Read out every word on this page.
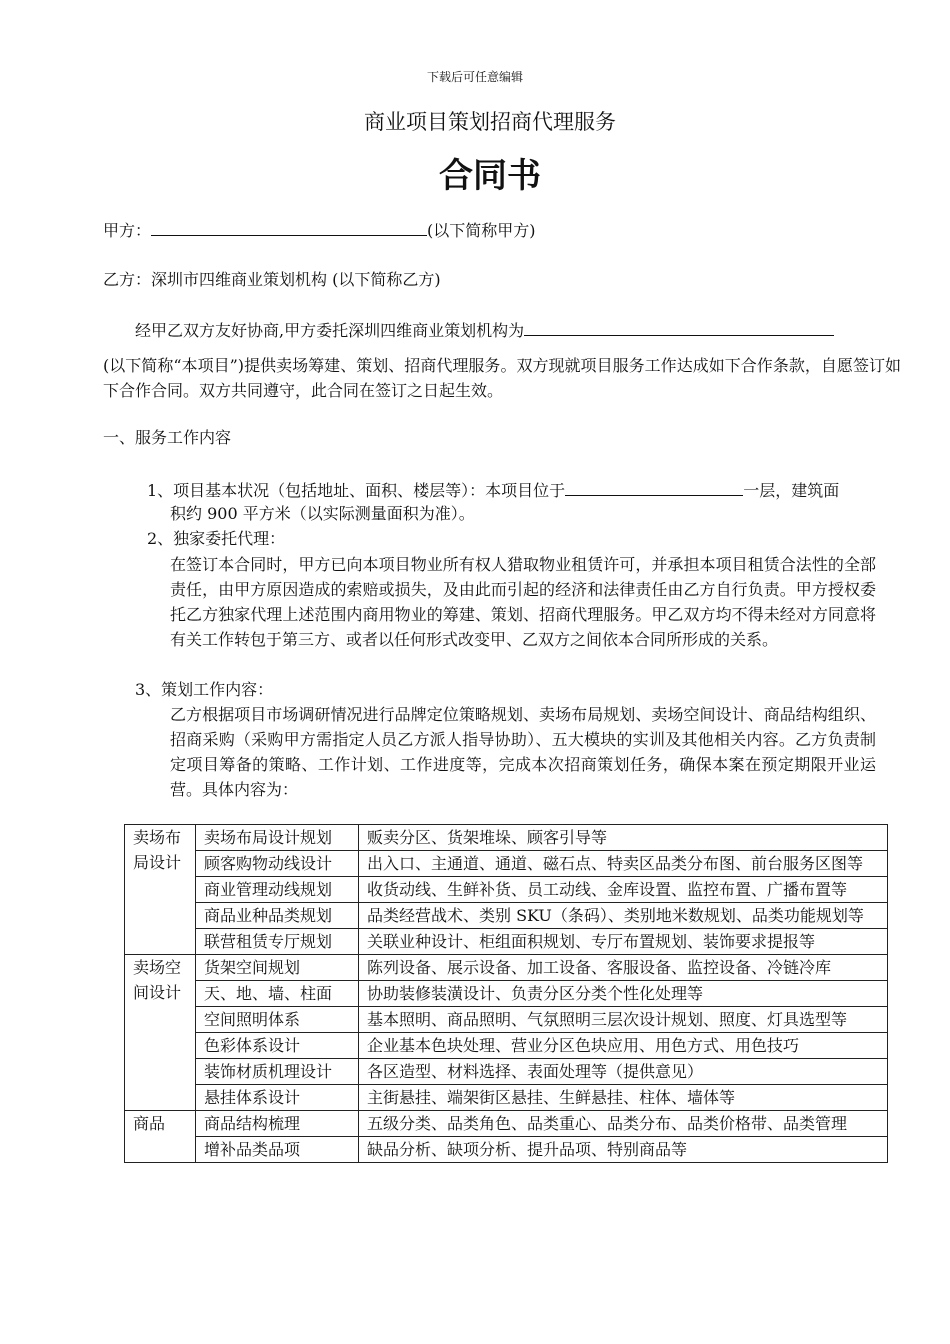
下载后可任意编辑
商业项目策划招商代理服务
合同书
甲方：	(以下简称甲方)
乙方：深圳市四维商业策划机构 (以下简称乙方)
经甲乙双方友好协商,甲方委托深圳四维商业策划机构为
(以下简称“本项目”)提供卖场筹建、策划、招商代理服务。双方现就项目服务工作达成如下合作条款，自愿签订如下合作合同。双方共同遵守，此合同在签订之日起生效。
一、服务工作内容
1、项目基本状况（包括地址、面积、楼层等）：本项目位于	一层，建筑面
积约 900 平方米（以实际测量面积为准）。
2、独家委托代理：
在签订本合同时，甲方已向本项目物业所有权人猎取物业租赁许可，并承担本项目租赁合法性的全部责任，由甲方原因造成的索赔或损失，及由此而引起的经济和法律责任由乙方自行负责。甲方授权委托乙方独家代理上述范围内商用物业的筹建、策划、招商代理服务。甲乙双方均不得未经对方同意将有关工作转包于第三方、或者以任何形式改变甲、乙双方之间依本合同所形成的关系。
3、策划工作内容：
乙方根据项目市场调研情况进行品牌定位策略规划、卖场布局规划、卖场空间设计、商品结构组织、招商采购（采购甲方需指定人员乙方派人指导协助）、五大模块的实训及其他相关内容。乙方负责制定项目筹备的策略、工作计划、工作进度等，完成本次招商策划任务，确保本案在预定期限开业运营。具体内容为：
卖场布局设计	卖场布局设计规划	贩卖分区、货架堆垛、顾客引导等
	顾客购物动线设计	出入口、主通道、通道、磁石点、特卖区品类分布图、前台服务区图等
	商业管理动线规划	收货动线、生鲜补货、员工动线、金库设置、监控布置、广播布置等
	商品业种品类规划	品类经营战术、类别 SKU（条码）、类别地米数规划、品类功能规划等
	联营租赁专厅规划	关联业种设计、柜组面积规划、专厅布置规划、装饰要求提报等
卖场空间设计	货架空间规划	陈列设备、展示设备、加工设备、客服设备、监控设备、冷链冷库
	天、地、墙、柱面	协助装修装潢设计、负责分区分类个性化处理等
	空间照明体系	基本照明、商品照明、气氛照明三层次设计规划、照度、灯具选型等
	色彩体系设计	企业基本色块处理、营业分区色块应用、用色方式、用色技巧
	装饰材质机理设计	各区造型、材料选择、表面处理等（提供意见）
	悬挂体系设计	主街悬挂、端架街区悬挂、生鲜悬挂、柱体、墙体等
商品	商品结构梳理	五级分类、品类角色、品类重心、品类分布、品类价格带、品类管理
	增补品类品项	缺品分析、缺项分析、提升品项、特别商品等
